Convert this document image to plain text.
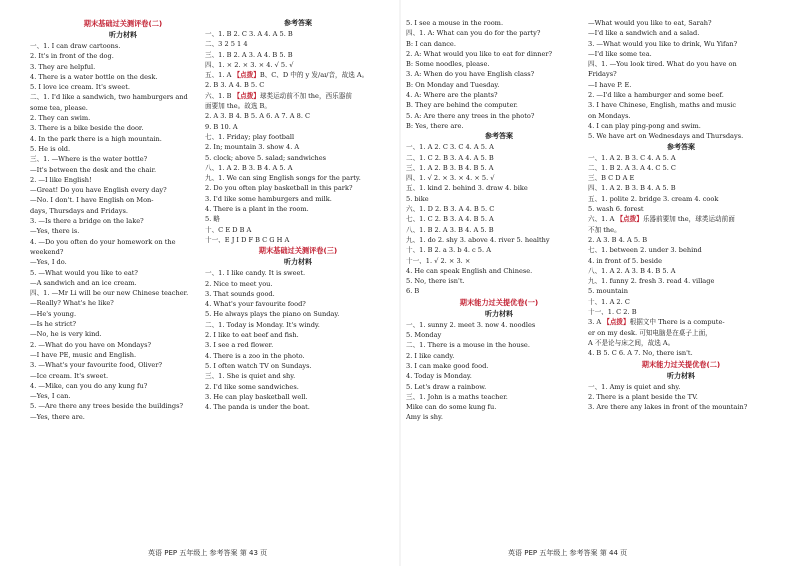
期末基础过关测评卷(二)
听力材料
一、1. I can draw cartoons.
2. It's in front of the dog.
3. They are helpful.
4. There is a water bottle on the desk.
5. I love ice cream. It's sweet.
二、1. I'd like a sandwich, two hamburgers and
some tea, please.
2. They can swim.
3. There is a bike beside the door.
4. In the park there is a high mountain.
5. He is old.
三、1. —Where is the water bottle?
—It's between the desk and the chair.
2. —I like English!
—Great! Do you have English every day?
—No. I don't. I have English on Mon-
days, Thursdays and Fridays.
3. —Is there a bridge on the lake?
—Yes, there is.
4. —Do you often do your homework on the
weekend?
—Yes, I do.
5. —What would you like to eat?
—A sandwich and an ice cream.
四、1. —Mr Li will be our new Chinese teacher.
—Really? What's he like?
—He's young.
—Is he strict?
—No, he is very kind.
2. —What do you have on Mondays?
—I have PE, music and English.
3. —What's your favourite food, Oliver?
—Ice cream. It's sweet.
4. —Mike, can you do any kung fu?
—Yes, I can.
5. —Are there any trees beside the buildings?
—Yes, there are.
参考答案
一、1. B 2. C 3. A 4. A 5. B
二、3 2 5 1 4
三、1. B 2. A 3. A 4. B 5. B
四、1. × 2. × 3. × 4. √ 5. √
五、1. A 【点拨】B、C、D 中的 y 发/aɪ/音，故选 A。
2. B 3. A 4. B 5. C
六、1. B 【点拨】球类运动前不加 the，西乐器前
面要加 the。故选 B。
2. A 3. B 4. B 5. A 6. A 7. A 8. C
9. B 10. A
七、1. Friday; play football
2. In; mountain 3. show 4. A
5. clock; above 5. salad; sandwiches
八、1. A 2. B 3. B 4. A 5. A
九、1. We can sing English songs for the party.
2. Do you often play basketball in this park?
3. I'd like some hamburgers and milk.
4. There is a plant in the room.
5. 略
十、C E D B A
十一、E J I D F B C G H A
期末基础过关测评卷(三)
听力材料
一、1. I like candy. It is sweet.
2. Nice to meet you.
3. That sounds good.
4. What's your favourite food?
5. He always plays the piano on Sunday.
二、1. Today is Monday. It's windy.
2. I like to eat beef and fish.
3. I see a red flower.
4. There is a zoo in the photo.
5. I often watch TV on Sundays.
三、1. She is quiet and shy.
2. I'd like some sandwiches.
3. He can play basketball well.
4. The panda is under the boat.
英语 PEP 五年级上 参考答案 第 43 页
5. I see a mouse in the room.
四、1. A: What can you do for the party?
B: I can dance.
2. A: What would you like to eat for dinner?
B: Some noodles, please.
3. A: When do you have English class?
B: On Monday and Tuesday.
4. A: Where are the plants?
B. They are behind the computer.
5. A: Are there any trees in the photo?
B: Yes, there are.
参考答案
一、1. A 2. C 3. C 4. A 5. A
二、1. C 2. B 3. A 4. A 5. B
三、1. A 2. B 3. B 4. B 5. A
四、1. √ 2. × 3. × 4. × 5. √
五、1. kind 2. behind 3. draw 4. bike
5. bike
六、1. D 2. B 3. A 4. B 5. C
七、1. C 2. B 3. A 4. B 5. A
八、1. B 2. A 3. B 4. A 5. B
九、1. do 2. shy 3. above 4. river 5. healthy
十、1. B 2. a 3. b 4. c 5. A
十一、1. √ 2. × 3. ×
4. He can speak English and Chinese.
5. No, there isn't.
6. B
期末能力过关提优卷(一)
听力材料
一、1. sunny 2. meet 3. now 4. noodles
5. Monday
二、1. There is a mouse in the house.
2. I like candy.
3. I can make good food.
4. Today is Monday.
5. Let's draw a rainbow.
三、1. John is a maths teacher.
Mike can do some kung fu.
Amy is shy.
—What would you like to eat, Sarah?
—I'd like a sandwich and a salad.
3. —What would you like to drink, Wu Yifan?
—I'd like some tea.
四、1. —You look tired. What do you have on
Fridays?
—I have P. E.
2. —I'd like a hamburger and some beef.
3. I have Chinese, English, maths and music
on Mondays.
4. I can play ping-pong and swim.
5. We have art on Wednesdays and Thursdays.
参考答案
一、1. A 2. B 3. C 4. A 5. A
二、1. B 2. A 3. A 4. C 5. C
三、B C D A E
四、1. A 2. B 3. B 4. A 5. B
五、1. polite 2. bridge 3. cream 4. cook
5. wash 6. forest
六、1. A 【点拨】乐器前要加 the，球类运动前面
不加 the。
2. A 3. B 4. A 5. B
七、1. between 2. under 3. behind
4. in front of 5. beside
八、1. A 2. A 3. B 4. B 5. A
九、1. funny 2. fresh 3. read 4. village
5. mountain
十、1. A 2. C
十一、1. C 2. B
3. A 【点拨】根据文中 There is a compute-
er on my desk. 可知电脑是在桌子上面，
A 不是论与床之间，故选 A。
4. B 5. C 6. A 7. No, there isn't.
期末能力过关提优卷(二)
听力材料
一、1. Amy is quiet and shy.
2. There is a plant beside the TV.
3. Are there any lakes in front of the mountain?
英语 PEP 五年级上 参考答案 第 44 页
